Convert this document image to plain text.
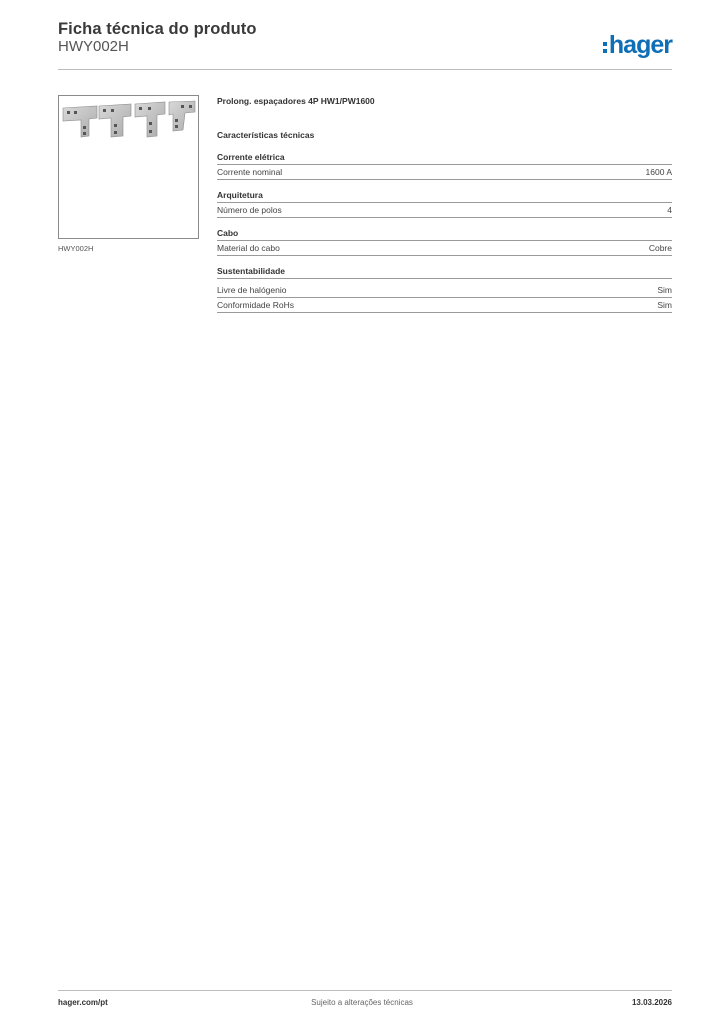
Ficha técnica do produto
HWY002H	hager
HWY002H
Prolong. espaçadores 4P HW1/PW1600
Características técnicas
Corrente elétrica
Corrente nominal	1600 A
Arquitetura
Número de polos	4
Cabo
Material do cabo	Cobre
Sustentabilidade
Livre de halógenio	Sim
Conformidade RoHs	Sim
hager.com/pt	Sujeito a alterações técnicas	13.03.2026
